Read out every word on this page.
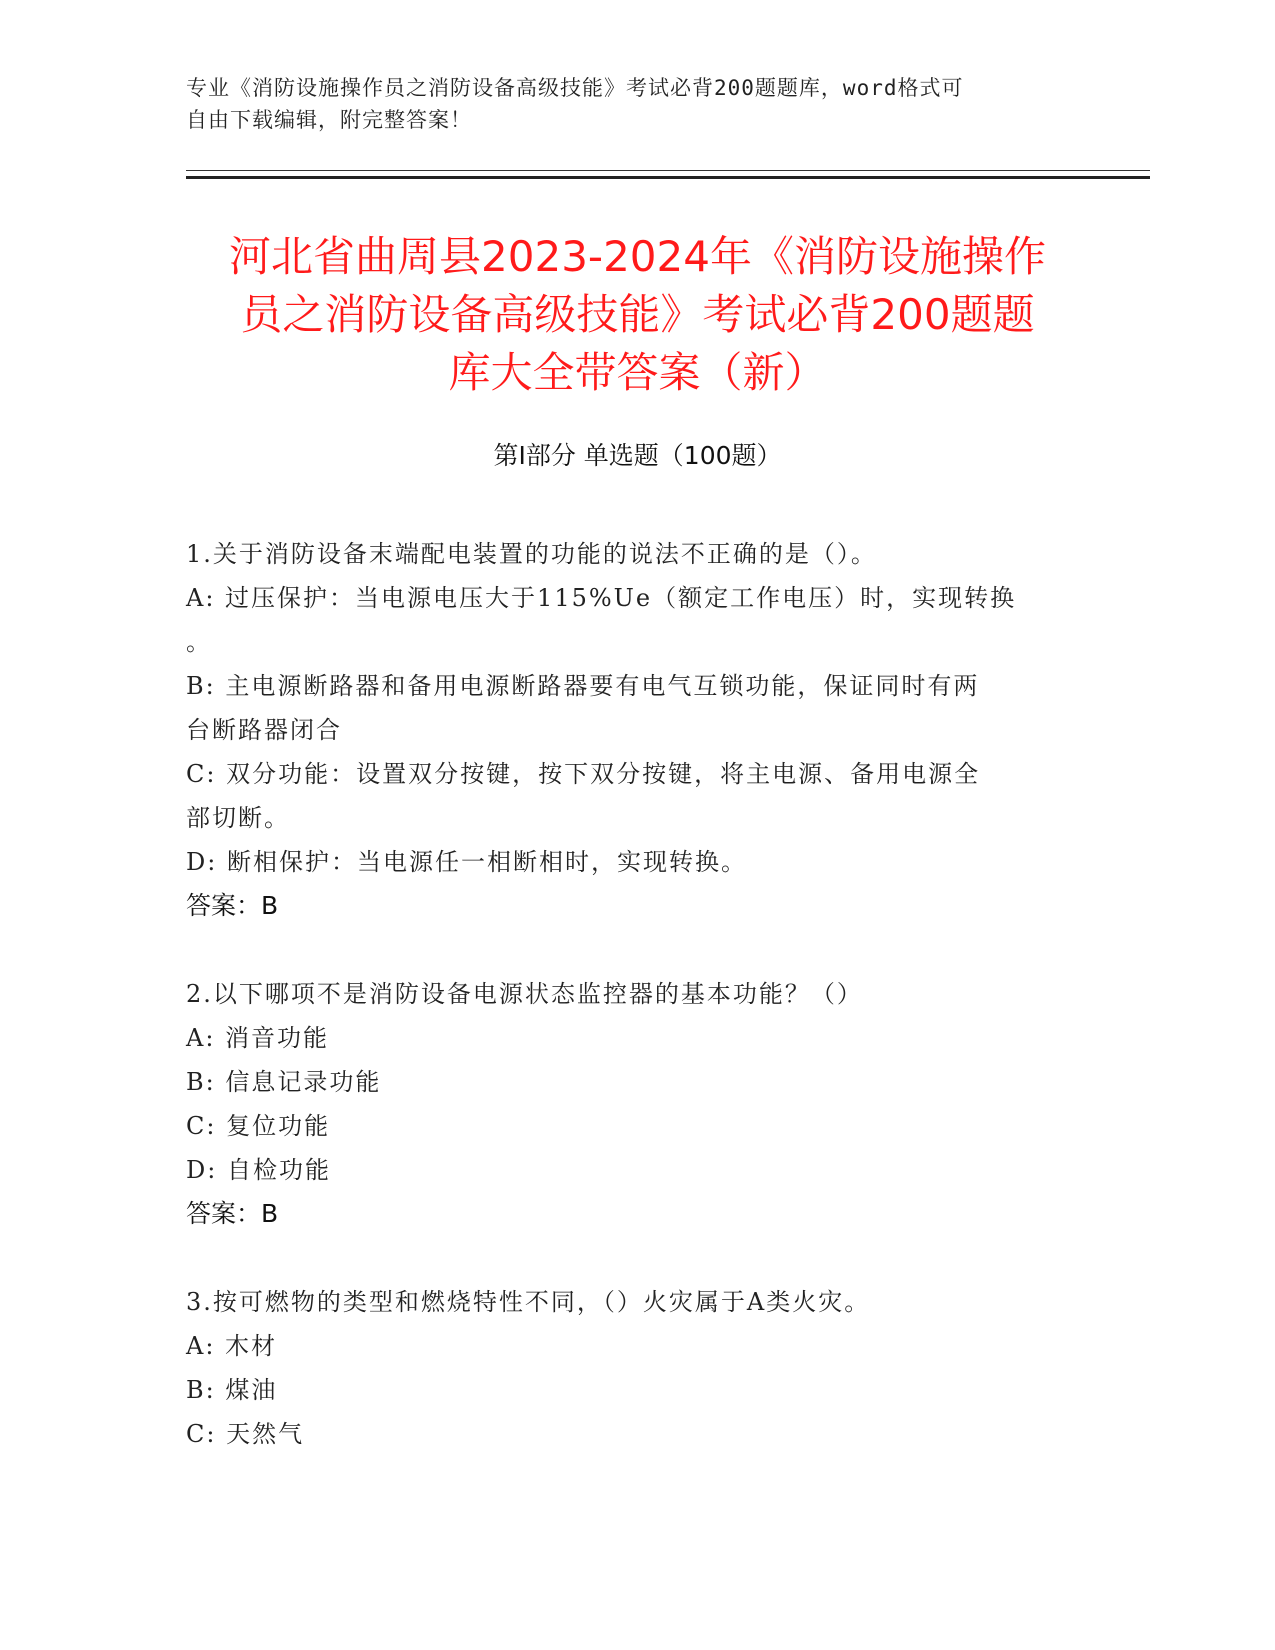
专业《消防设施操作员之消防设备高级技能》考试必背200题题库，word格式可
自由下载编辑，附完整答案！
河北省曲周县2023-2024年《消防设施操作
员之消防设备高级技能》考试必背200题题
库大全带答案（新）
第Ⅰ部分 单选题（100题）
1.关于消防设备末端配电装置的功能的说法不正确的是（）。
A: 过压保护：当电源电压大于115%Ue（额定工作电压）时，实现转换
。
B: 主电源断路器和备用电源断路器要有电气互锁功能，保证同时有两
台断路器闭合
C: 双分功能：设置双分按键，按下双分按键，将主电源、备用电源全
部切断。
D: 断相保护：当电源任一相断相时，实现转换。
答案：B
2.以下哪项不是消防设备电源状态监控器的基本功能？（）
A: 消音功能
B: 信息记录功能
C: 复位功能
D: 自检功能
答案：B
3.按可燃物的类型和燃烧特性不同，（）火灾属于A类火灾。
A: 木材
B: 煤油
C: 天然气
